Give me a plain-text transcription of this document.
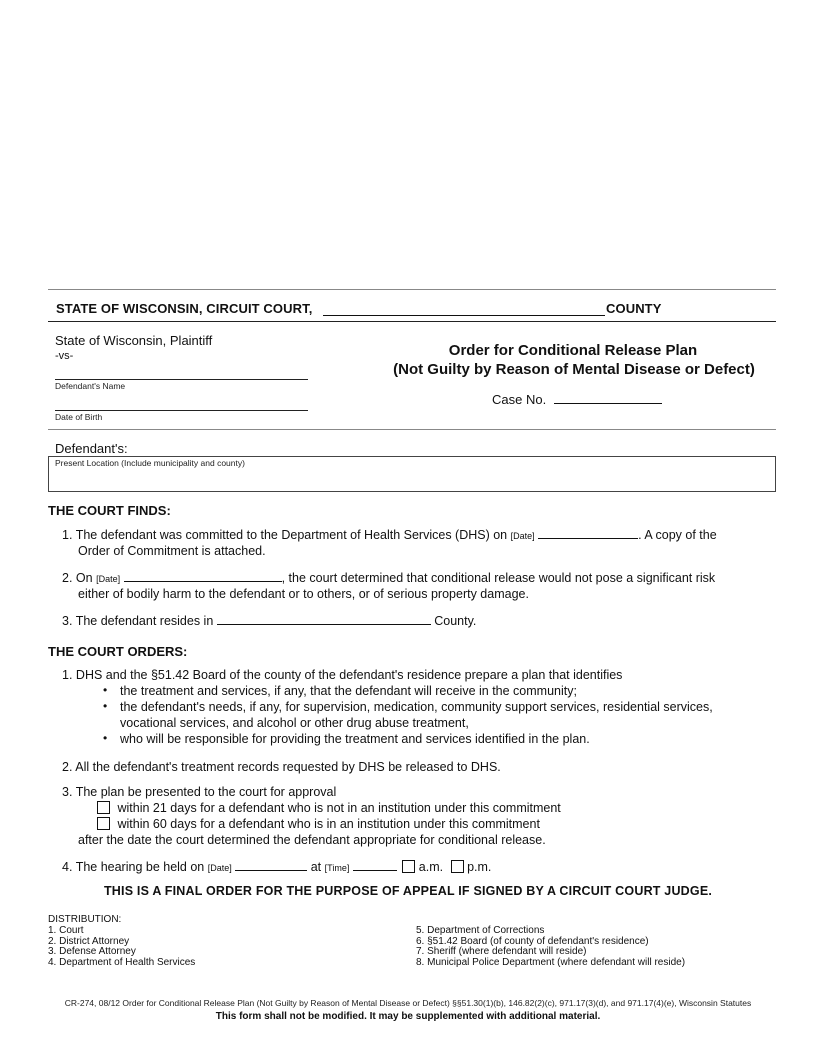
STATE OF WISCONSIN, CIRCUIT COURT,	COUNTY
State of Wisconsin, Plaintiff
-vs-
Defendant's Name
Date of Birth
Order for Conditional Release Plan
(Not Guilty by Reason of Mental Disease or Defect)
Case No.
Defendant's:
Present Location (Include municipality and county)
THE COURT FINDS:
1. The defendant was committed to the Department of Health Services (DHS) on [Date]	. A copy of the
Order of Commitment is attached.
2. On [Date]	, the court determined that conditional release would not pose a significant risk
either of bodily harm to the defendant or to others, or of serious property damage.
3. The defendant resides in	County.
THE COURT ORDERS:
1. DHS and the §51.42 Board of the county of the defendant's residence prepare a plan that identifies
• the treatment and services, if any, that the defendant will receive in the community;
• the defendant's needs, if any, for supervision, medication, community support services, residential services,
vocational services, and alcohol or other drug abuse treatment,
• who will be responsible for providing the treatment and services identified in the plan.
2. All the defendant's treatment records requested by DHS be released to DHS.
3. The plan be presented to the court for approval
within 21 days for a defendant who is not in an institution under this commitment
within 60 days for a defendant who is in an institution under this commitment
after the date the court determined the defendant appropriate for conditional release.
4. The hearing be held on [Date]	at [Time]	a.m. p.m.
THIS IS A FINAL ORDER FOR THE PURPOSE OF APPEAL IF SIGNED BY A CIRCUIT COURT JUDGE.
DISTRIBUTION:
1. Court
2. District Attorney
3. Defense Attorney
4. Department of Health Services
5. Department of Corrections
6. §51.42 Board (of county of defendant's residence)
7. Sheriff (where defendant will reside)
8. Municipal Police Department (where defendant will reside)
CR-274, 08/12 Order for Conditional Release Plan (Not Guilty by Reason of Mental Disease or Defect) §§51.30(1)(b), 146.82(2)(c), 971.17(3)(d), and 971.17(4)(e), Wisconsin Statutes
This form shall not be modified. It may be supplemented with additional material.
